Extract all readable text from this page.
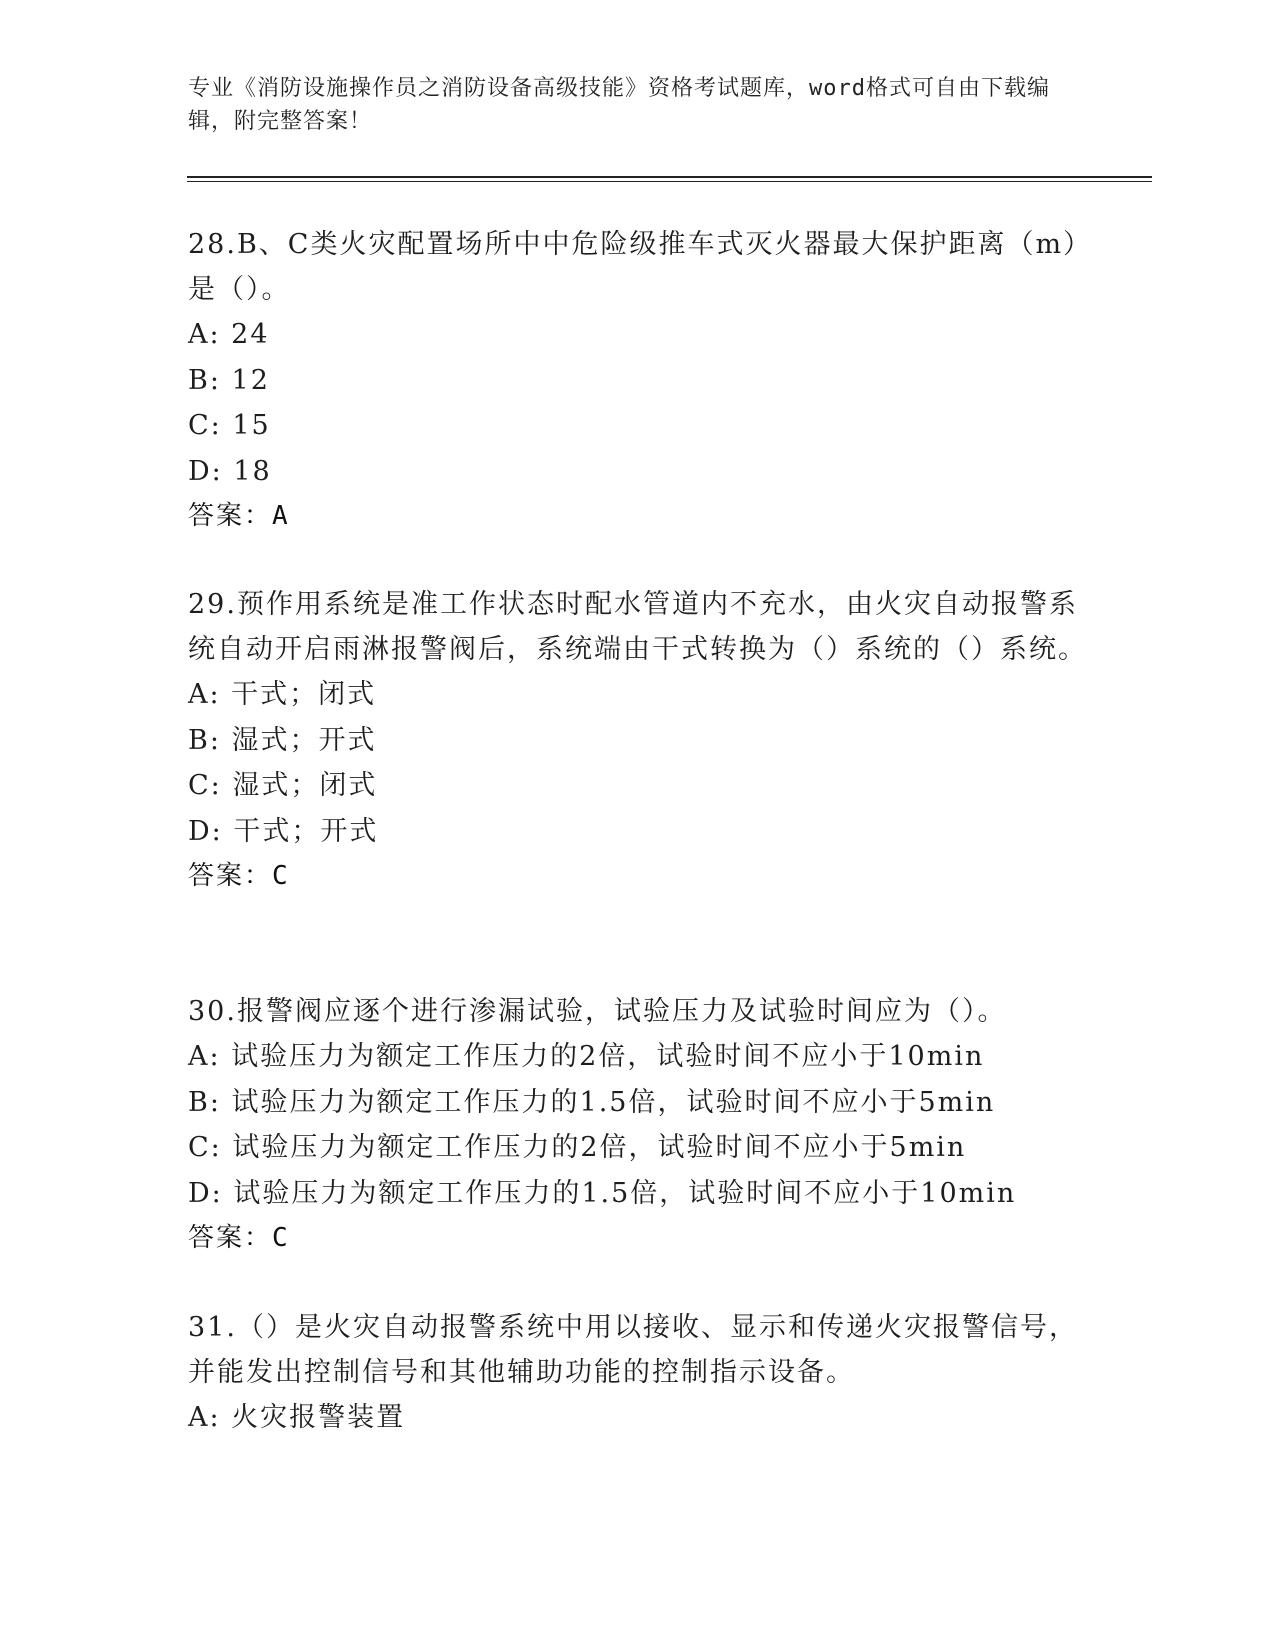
专业《消防设施操作员之消防设备高级技能》资格考试题库，word格式可自由下载编辑，附完整答案！

28.B、C类火灾配置场所中中危险级推车式灭火器最大保护距离（m）是（）。

A: 24

B: 12

C: 15

D: 18

答案：A

29.预作用系统是准工作状态时配水管道内不充水，由火灾自动报警系统自动开启雨淋报警阀后，系统端由干式转换为（）系统的（）系统。

A: 干式；闭式

B: 湿式；开式

C: 湿式；闭式

D: 干式；开式

答案：C

30.报警阀应逐个进行渗漏试验，试验压力及试验时间应为（）。

A: 试验压力为额定工作压力的2倍，试验时间不应小于10min

B: 试验压力为额定工作压力的1.5倍，试验时间不应小于5min

C: 试验压力为额定工作压力的2倍，试验时间不应小于5min

D: 试验压力为额定工作压力的1.5倍，试验时间不应小于10min

答案：C

31.（）是火灾自动报警系统中用以接收、显示和传递火灾报警信号，并能发出控制信号和其他辅助功能的控制指示设备。

A: 火灾报警装置
